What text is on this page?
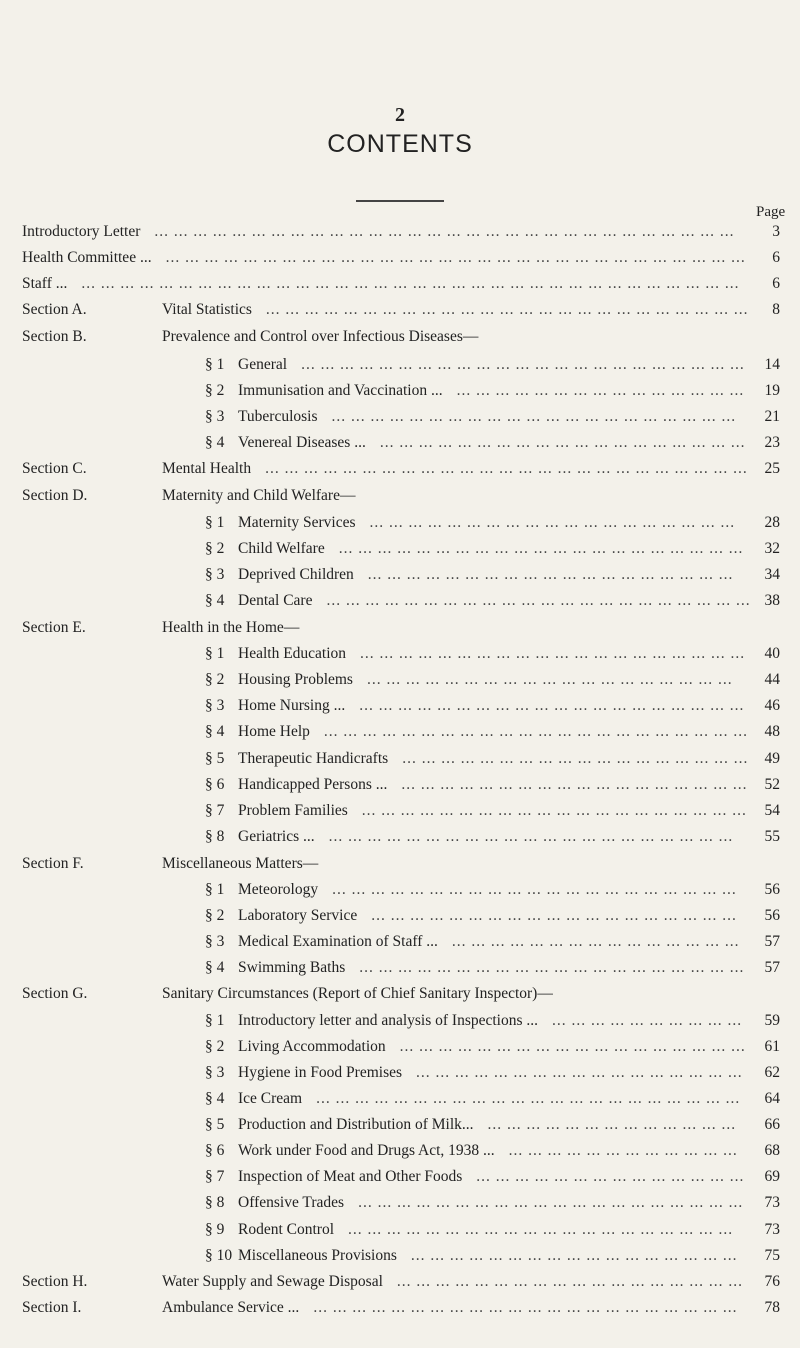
2
CONTENTS
Page
Introductory Letter ... ... ... ... ... ... ... ... ... ... ... ... ... ... ... ... ... ... ... ... ... ... ... ... ... ... ... ... ... ...	3
Health Committee ... ... ... ... ... ... ... ... ... ... ... ... ... ... ... ... ... ... ... ... ... ... ... ... ... ... ... ... ... ... ...	6
Staff ... ... ... ... ... ... ... ... ... ... ... ... ... ... ... ... ... ... ... ... ... ... ... ... ... ... ... ... ... ... ... ... ... ... ...	6
Section A.	Vital Statistics ... ... ... ... ... ... ... ... ... ... ... ... ... ... ... ... ... ... ... ... ... ... ... ... ...	8
Section B.	Prevalence and Control over Infectious Diseases—
§ 1 General ... ... ... ... ... ... ... ... ... ... ... ... ... ... ... ... ... ... ... ... ... ... ...	14
§ 2 Immunisation and Vaccination ... ... ... ... ... ... ... ... ... ... ... ... ... ... ... ...	19
§ 3 Tuberculosis ... ... ... ... ... ... ... ... ... ... ... ... ... ... ... ... ... ... ... ... ...	21
§ 4 Venereal Diseases ... ... ... ... ... ... ... ... ... ... ... ... ... ... ... ... ... ... ... ...	23
Section C.	Mental Health ... ... ... ... ... ... ... ... ... ... ... ... ... ... ... ... ... ... ... ... ... ... ... ... ...	25
Section D.	Maternity and Child Welfare—
§ 1 Maternity Services ... ... ... ... ... ... ... ... ... ... ... ... ... ... ... ... ... ... ...	28
§ 2 Child Welfare ... ... ... ... ... ... ... ... ... ... ... ... ... ... ... ... ... ... ... ... ...	32
§ 3 Deprived Children ... ... ... ... ... ... ... ... ... ... ... ... ... ... ... ... ... ... ...	34
§ 4 Dental Care ... ... ... ... ... ... ... ... ... ... ... ... ... ... ... ... ... ... ... ... ... ... 38
Section E.	Health in the Home—
§ 1 Health Education ... ... ... ... ... ... ... ... ... ... ... ... ... ... ... ... ... ... ... ...	40
§ 2 Housing Problems ... ... ... ... ... ... ... ... ... ... ... ... ... ... ... ... ... ... ...	44
§ 3 Home Nursing ... ... ... ... ... ... ... ... ... ... ... ... ... ... ... ... ... ... ... ... ...	46
§ 4 Home Help ... ... ... ... ... ... ... ... ... ... ... ... ... ... ... ... ... ... ... ... ... ...	48
§ 5 Therapeutic Handicrafts ... ... ... ... ... ... ... ... ... ... ... ... ... ... ... ... ... ...	49
§ 6 Handicapped Persons ... ... ... ... ... ... ... ... ... ... ... ... ... ... ... ... ... ... ...	52
§ 7 Problem Families ... ... ... ... ... ... ... ... ... ... ... ... ... ... ... ... ... ... ... ...	54
§ 8 Geriatrics ... ... ... ... ... ... ... ... ... ... ... ... ... ... ... ... ... ... ... ... ... ...	55
Section F.	Miscellaneous Matters—
§ 1 Meteorology ... ... ... ... ... ... ... ... ... ... ... ... ... ... ... ... ... ... ... ... ...	56
§ 2 Laboratory Service ... ... ... ... ... ... ... ... ... ... ... ... ... ... ... ... ... ... ...	56
§ 3 Medical Examination of Staff ... ... ... ... ... ... ... ... ... ... ... ... ... ... ... ...	57
§ 4 Swimming Baths ... ... ... ... ... ... ... ... ... ... ... ... ... ... ... ... ... ... ... ...	57
Section G.	Sanitary Circumstances (Report of Chief Sanitary Inspector)—
§ 1 Introductory letter and analysis of Inspections ... ... ... ... ... ... ... ... ... ... ...	59
§ 2 Living Accommodation ... ... ... ... ... ... ... ... ... ... ... ... ... ... ... ... ... ...	61
§ 3 Hygiene in Food Premises ... ... ... ... ... ... ... ... ... ... ... ... ... ... ... ... ...	62
§ 4 Ice Cream ... ... ... ... ... ... ... ... ... ... ... ... ... ... ... ... ... ... ... ... ... ...	64
§ 5 Production and Distribution of Milk... ... ... ... ... ... ... ... ... ... ... ... ... ...	66
§ 6 Work under Food and Drugs Act, 1938 ... ... ... ... ... ... ... ... ... ... ... ... ...	68
§ 7 Inspection of Meat and Other Foods ... ... ... ... ... ... ... ... ... ... ... ... ... ...	69
§ 8 Offensive Trades ... ... ... ... ... ... ... ... ... ... ... ... ... ... ... ... ... ... ... ...	73
§ 9 Rodent Control ... ... ... ... ... ... ... ... ... ... ... ... ... ... ... ... ... ... ... ...	73
§ 10 Miscellaneous Provisions ... ... ... ... ... ... ... ... ... ... ... ... ... ... ... ... ...	75
Section H.	Water Supply and Sewage Disposal ... ... ... ... ... ... ... ... ... ... ... ... ... ... ... ... ... ...	76
Section I.	Ambulance Service ... ... ... ... ... ... ... ... ... ... ... ... ... ... ... ... ... ... ... ... ... ... ...	78
